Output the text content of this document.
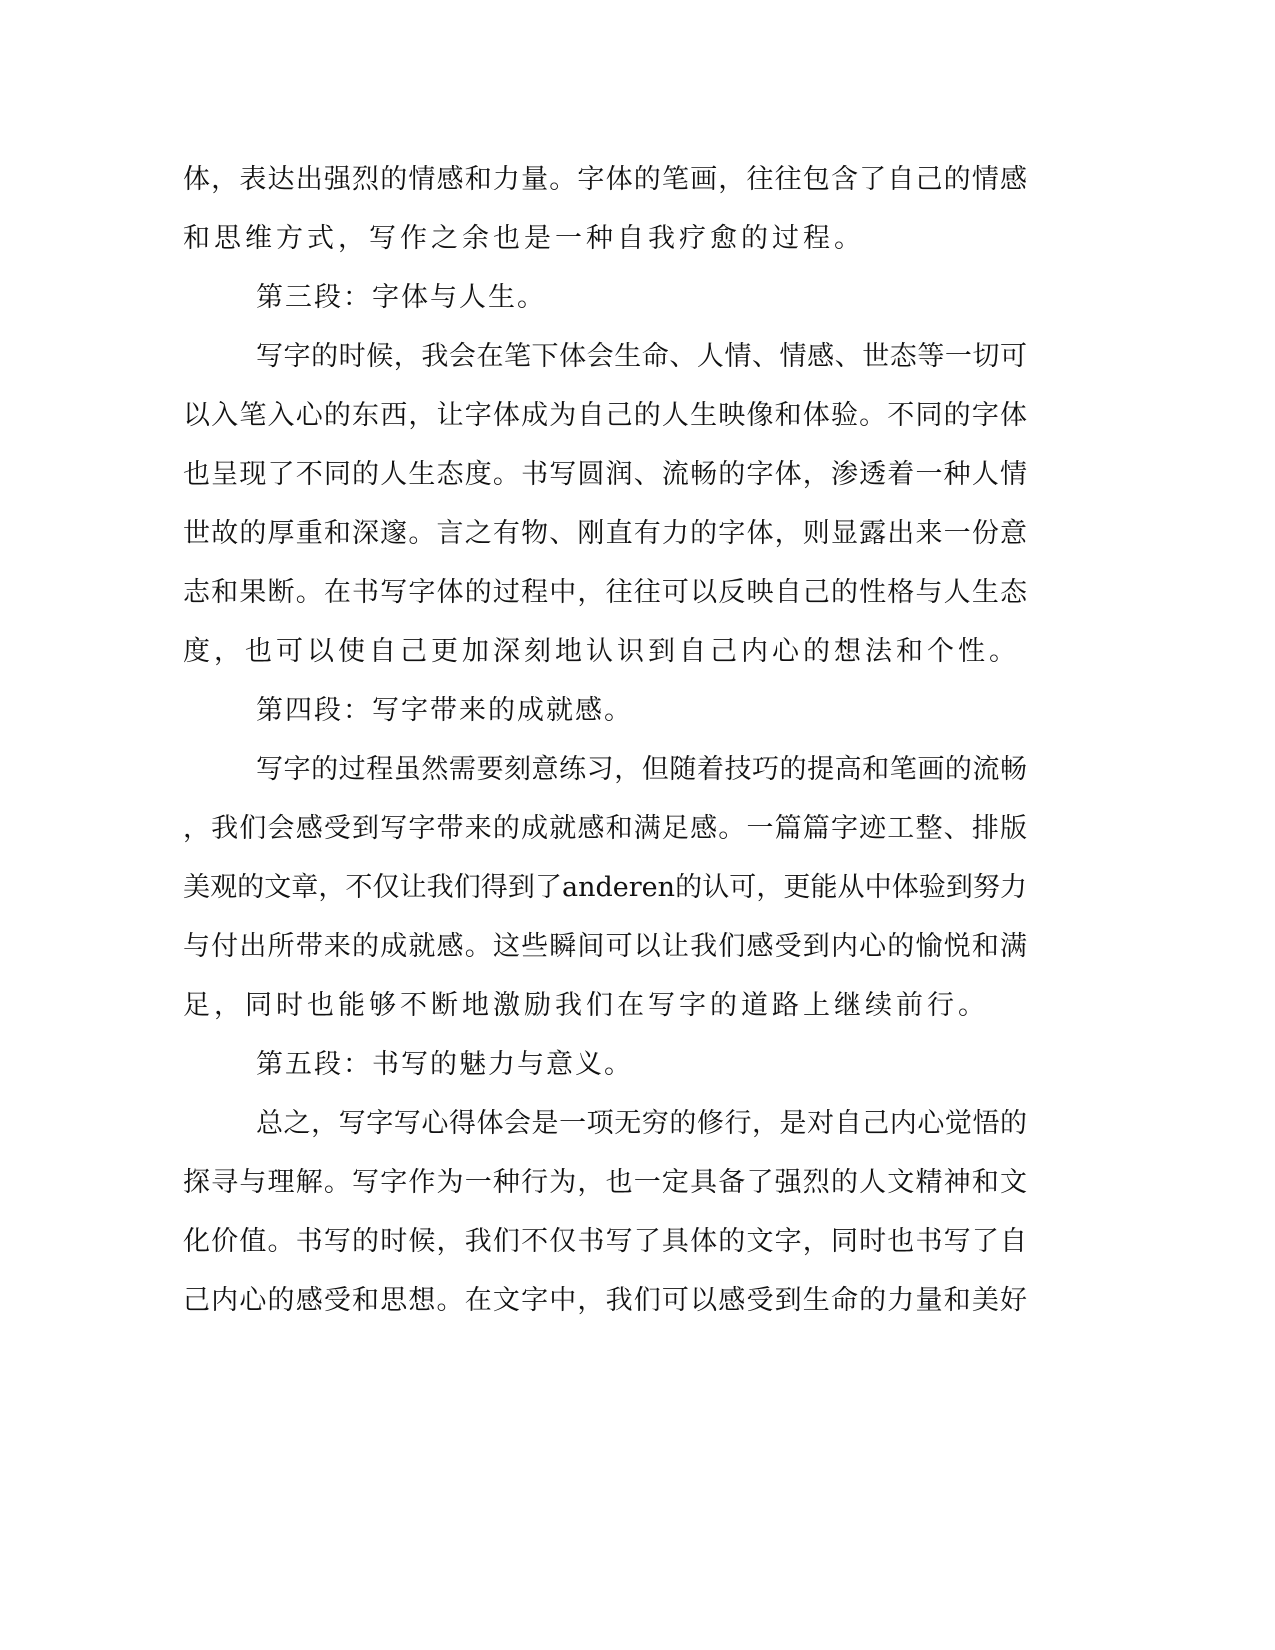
体，表达出强烈的情感和力量。字体的笔画，往往包含了自己的情感
和思维方式，写作之余也是一种自我疗愈的过程。
第三段：字体与人生。
写字的时候，我会在笔下体会生命、人情、情感、世态等一切可
以入笔入心的东西，让字体成为自己的人生映像和体验。不同的字体
也呈现了不同的人生态度。书写圆润、流畅的字体，渗透着一种人情
世故的厚重和深邃。言之有物、刚直有力的字体，则显露出来一份意
志和果断。在书写字体的过程中，往往可以反映自己的性格与人生态
度，也可以使自己更加深刻地认识到自己内心的想法和个性。
第四段：写字带来的成就感。
写字的过程虽然需要刻意练习，但随着技巧的提高和笔画的流畅
，我们会感受到写字带来的成就感和满足感。一篇篇字迹工整、排版
美观的文章，不仅让我们得到了anderen的认可，更能从中体验到努力
与付出所带来的成就感。这些瞬间可以让我们感受到内心的愉悦和满
足，同时也能够不断地激励我们在写字的道路上继续前行。
第五段：书写的魅力与意义。
总之，写字写心得体会是一项无穷的修行，是对自己内心觉悟的
探寻与理解。写字作为一种行为，也一定具备了强烈的人文精神和文
化价值。书写的时候，我们不仅书写了具体的文字，同时也书写了自
己内心的感受和思想。在文字中，我们可以感受到生命的力量和美好
